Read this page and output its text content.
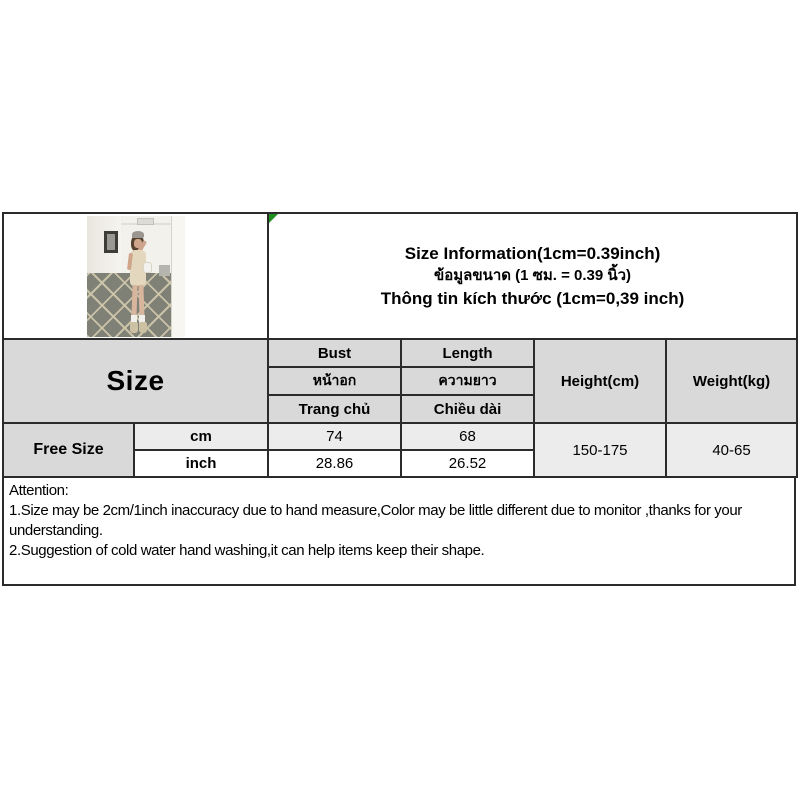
		Size Information(1cm=0.39inch)
ข้อมูลขนาด (1 ซม. = 0.39 นิ้ว)
Thông tin kích thước (1cm=0,39 inch)			

Size		Bust	Length	Height(cm)	Weight(kg)
		หน้าอก	ความยาว		
		Trang chủ	Chiều dài		
Free Size	cm	74	68	150-175	40-65
	inch	28.86	26.52		
Attention:
1.Size may be 2cm/1inch inaccuracy due to hand measure,Color may be little different due to monitor ,thanks for your
understanding.
2.Suggestion of cold water hand washing,it can help items keep their shape.
